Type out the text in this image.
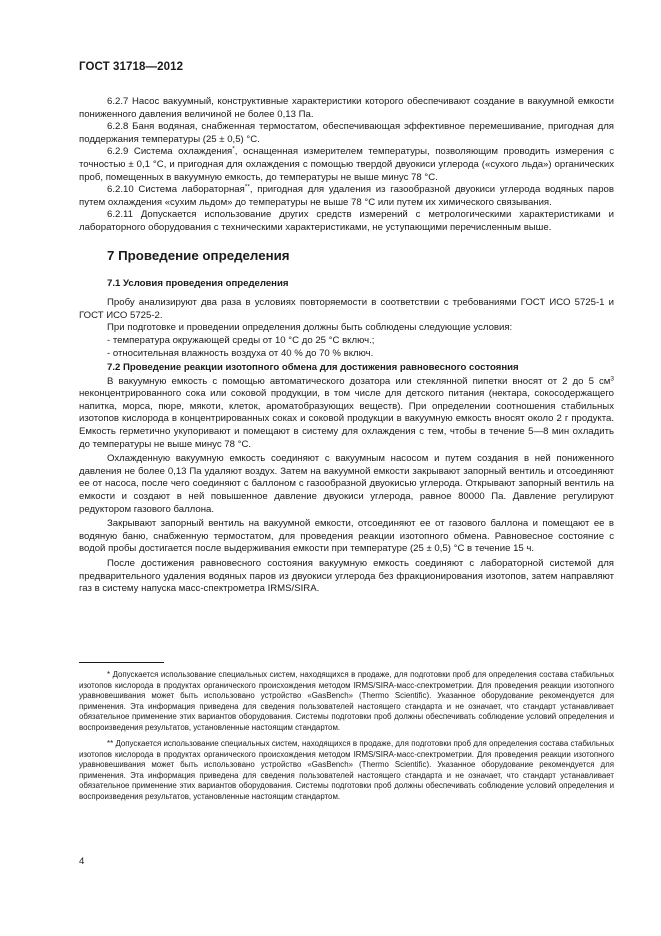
ГОСТ 31718—2012

6.2.7 Насос вакуумный, конструктивные характеристики которого обеспечивают создание в вакуумной емкости пониженного давления величиной не более 0,13 Па.

6.2.8 Баня водяная, снабженная термостатом, обеспечивающая эффективное перемешивание, пригодная для поддержания температуры (25 ± 0,5) °С.

6.2.9 Система охлаждения*, оснащенная измерителем температуры, позволяющим проводить измерения с точностью ± 0,1 °С, и пригодная для охлаждения с помощью твердой двуокиси углерода («сухого льда») органических проб, помещенных в вакуумную емкость, до температуры не выше минус 78 °С.

6.2.10 Система лабораторная**, пригодная для удаления из газообразной двуокиси углерода водяных паров путем охлаждения «сухим льдом» до температуры не выше 78 °С или путем их химического связывания.

6.2.11 Допускается использование других средств измерений с метрологическими характеристиками и лабораторного оборудования с техническими характеристиками, не уступающими перечисленным выше.

7 Проведение определения

7.1 Условия проведения определения

Пробу анализируют два раза в условиях повторяемости в соответствии с требованиями ГОСТ ИСО 5725-1 и ГОСТ ИСО 5725-2.

При подготовке и проведении определения должны быть соблюдены следующие условия:

- температура окружающей среды от 10 °С до 25 °С включ.;

- относительная влажность воздуха от 40 % до 70 % включ.

7.2 Проведение реакции изотопного обмена для достижения равновесного состояния

В вакуумную емкость с помощью автоматического дозатора или стеклянной пипетки вносят от 2 до 5 $см^3$ неконцентрированного сока или соковой продукции, в том числе для детского питания (нектара, сокосодержащего напитка, морса, пюре, мякоти, клеток, ароматобразующих веществ). При определении соотношения стабильных изотопов кислорода в концентрированных соках и соковой продукции в вакуумную емкость вносят около 2 г продукта. Емкость герметично укупоривают и помещают в систему для охлаждения с тем, чтобы в течение 5—8 мин охладить до температуры не выше минус 78 °С.

Охлажденную вакуумную емкость соединяют с вакуумным насосом и путем создания в ней пониженного давления не более 0,13 Па удаляют воздух. Затем на вакуумной емкости закрывают запорный вентиль и отсоединяют ее от насоса, после чего соединяют с баллоном с газообразной двуокисью углерода. Открывают запорный вентиль на емкости и создают в ней повышенное давление двуокиси углерода, равное 80000 Па. Давление регулируют редуктором газового баллона.

Закрывают запорный вентиль на вакуумной емкости, отсоединяют ее от газового баллона и помещают ее в водяную баню, снабженную термостатом, для проведения реакции изотопного обмена. Равновесное состояние с водой пробы достигается после выдерживания емкости при температуре (25 ± 0,5) °С в течение 15 ч.

После достижения равновесного состояния вакуумную емкость соединяют с лабораторной системой для предварительного удаления водяных паров из двуокиси углерода без фракционирования изотопов, затем направляют газ в систему напуска масс-спектрометра IRMS/SIRA.

* Допускается использование специальных систем, находящихся в продаже, для подготовки проб для определения состава стабильных изотопов кислорода в продуктах органического происхождения методом IRMS/SIRA-масс-спектрометрии. Для проведения реакции изотопного уравновешивания может быть использовано устройство «GasBench» (Thermo Scientific). Указанное оборудование рекомендуется для применения. Эта информация приведена для сведения пользователей настоящего стандарта и не означает, что стандарт устанавливает обязательное применение этих вариантов оборудования. Системы подготовки проб должны обеспечивать соблюдение условий определения и воспроизведения результатов, установленные настоящим стандартом.

** Допускается использование специальных систем, находящихся в продаже, для подготовки проб для определения состава стабильных изотопов кислорода в продуктах органического происхождения методом IRMS/SIRA-масс-спектрометрии. Для проведения реакции изотопного уравновешивания может быть использовано устройство «GasBench» (Thermo Scientific). Указанное оборудование рекомендуется для применения. Эта информация приведена для сведения пользователей настоящего стандарта и не означает, что стандарт устанавливает обязательное применение этих вариантов оборудования. Системы подготовки проб должны обеспечивать соблюдение условий определения и воспроизведения результатов, установленные настоящим стандартом.

4
